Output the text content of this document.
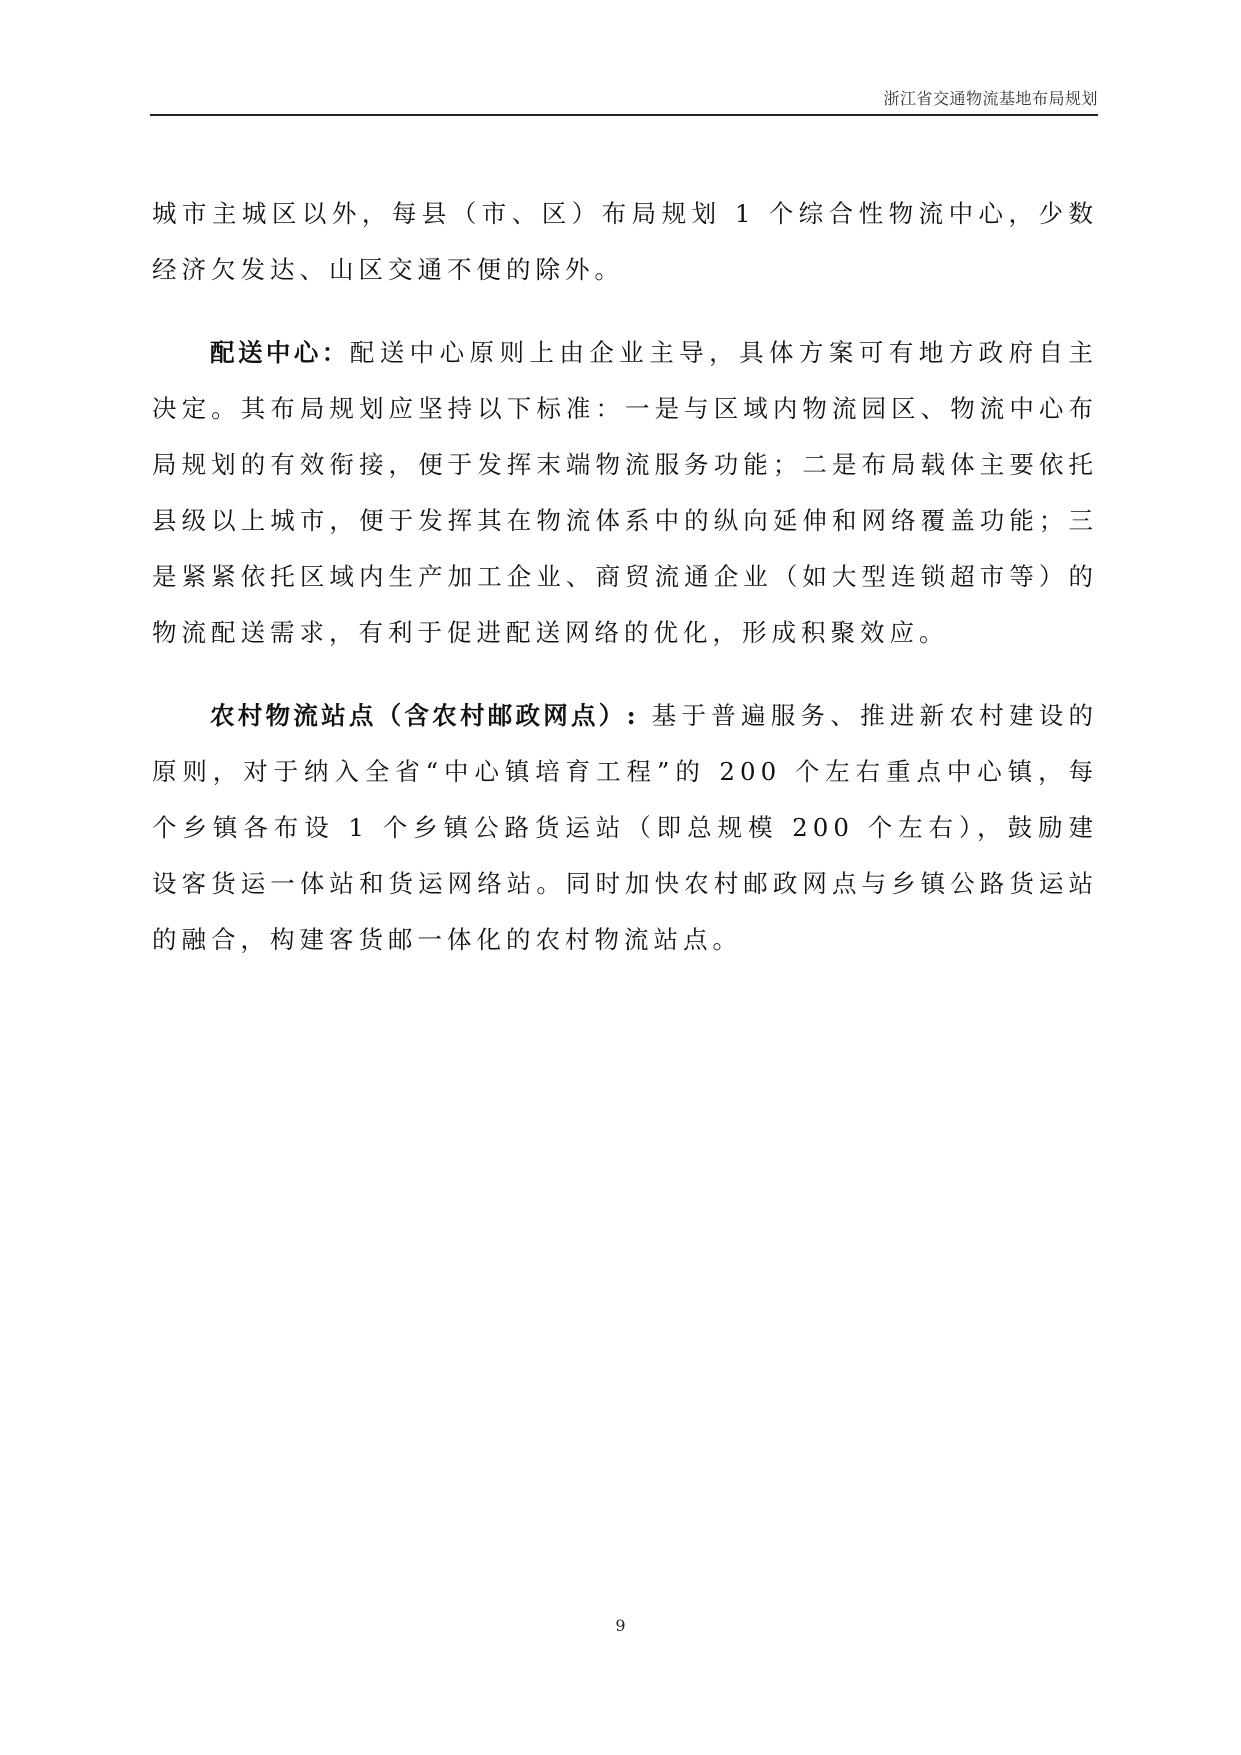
浙江省交通物流基地布局规划

城市主城区以外，每县（市、区）布局规划 1 个综合性物流中心，少数经济欠发达、山区交通不便的除外。

配送中心：配送中心原则上由企业主导，具体方案可有地方政府自主决定。其布局规划应坚持以下标准：一是与区域内物流园区、物流中心布局规划的有效衔接，便于发挥末端物流服务功能；二是布局载体主要依托县级以上城市，便于发挥其在物流体系中的纵向延伸和网络覆盖功能；三是紧紧依托区域内生产加工企业、商贸流通企业（如大型连锁超市等）的物流配送需求，有利于促进配送网络的优化，形成积聚效应。

农村物流站点（含农村邮政网点）: 基于普遍服务、推进新农村建设的原则，对于纳入全省“中心镇培育工程”的 200 个左右重点中心镇，每个乡镇各布设 1 个乡镇公路货运站（即总规模 200 个左右），鼓励建设客货运一体站和货运网络站。同时加快农村邮政网点与乡镇公路货运站的融合，构建客货邮一体化的农村物流站点。

9
